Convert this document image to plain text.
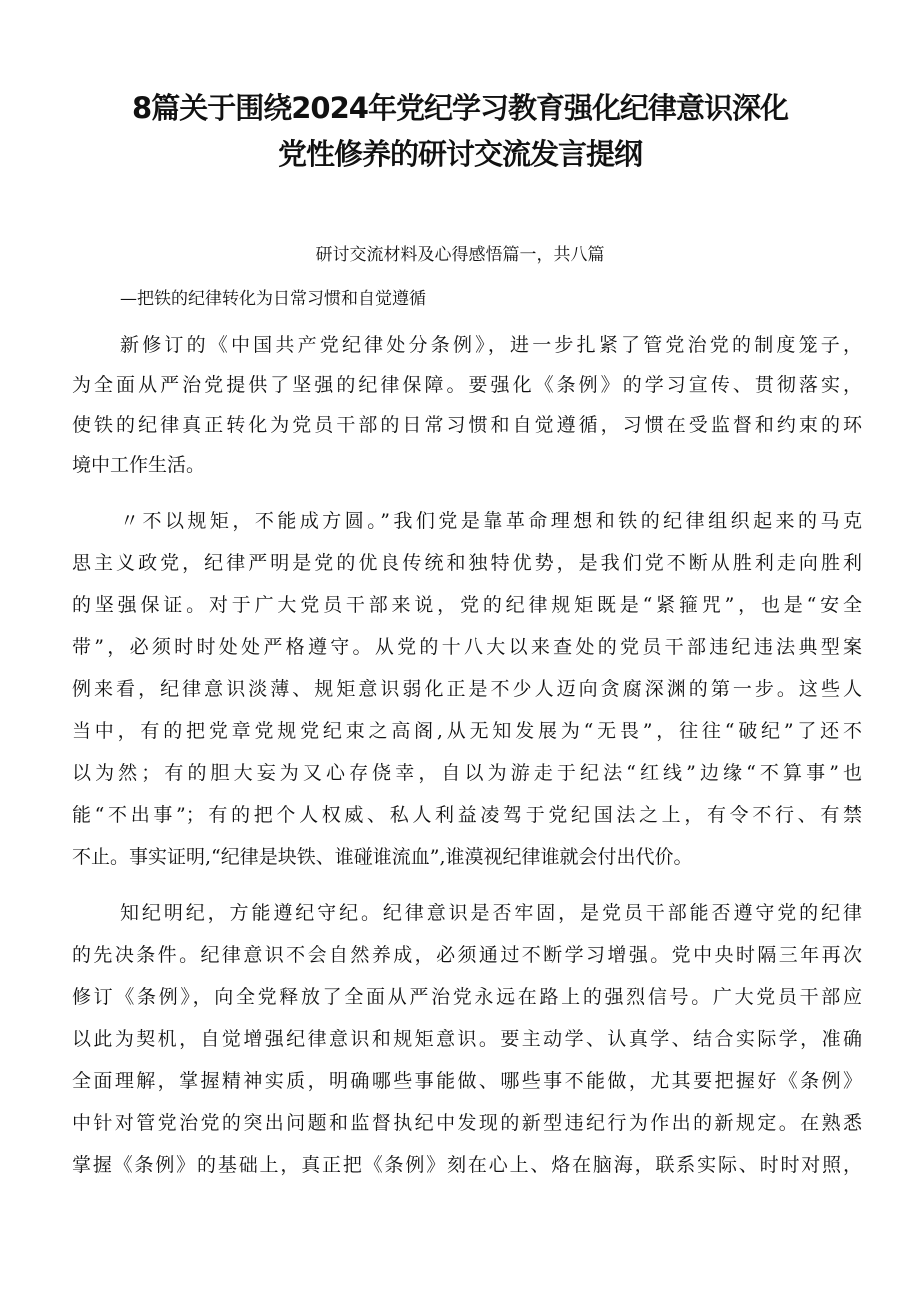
8篇关于围绕2024年党纪学习教育强化纪律意识深化
党性修养的研讨交流发言提纲
研讨交流材料及心得感悟篇一，共八篇
—把铁的纪律转化为日常习惯和自觉遵循
新修订的《中国共产党纪律处分条例》，进一步扎紧了管党治党的制度笼子，
为全面从严治党提供了坚强的纪律保障。要强化《条例》的学习宣传、贯彻落实，
使铁的纪律真正转化为党员干部的日常习惯和自觉遵循，习惯在受监督和约束的环
境中工作生活。
〃不以规矩，不能成方圆。”我们党是靠革命理想和铁的纪律组织起来的马克
思主义政党，纪律严明是党的优良传统和独特优势，是我们党不断从胜利走向胜利
的坚强保证。对于广大党员干部来说，党的纪律规矩既是“紧箍咒”，也是“安全
带”，必须时时处处严格遵守。从党的十八大以来查处的党员干部违纪违法典型案
例来看，纪律意识淡薄、规矩意识弱化正是不少人迈向贪腐深渊的第一步。这些人
当中，有的把党章党规党纪束之高阁,从无知发展为“无畏”，往往“破纪”了还不
以为然；有的胆大妄为又心存侥幸，自以为游走于纪法“红线”边缘“不算事”也
能“不出事”；有的把个人权威、私人利益凌驾于党纪国法之上，有令不行、有禁
不止。事实证明,“纪律是块铁、谁碰谁流血”,谁漠视纪律谁就会付出代价。
知纪明纪，方能遵纪守纪。纪律意识是否牢固，是党员干部能否遵守党的纪律
的先决条件。纪律意识不会自然养成，必须通过不断学习增强。党中央时隔三年再次
修订《条例》，向全党释放了全面从严治党永远在路上的强烈信号。广大党员干部应
以此为契机，自觉增强纪律意识和规矩意识。要主动学、认真学、结合实际学，准确
全面理解，掌握精神实质，明确哪些事能做、哪些事不能做，尤其要把握好《条例》
中针对管党治党的突出问题和监督执纪中发现的新型违纪行为作出的新规定。在熟悉
掌握《条例》的基础上，真正把《条例》刻在心上、烙在脑海，联系实际、时时对照，
